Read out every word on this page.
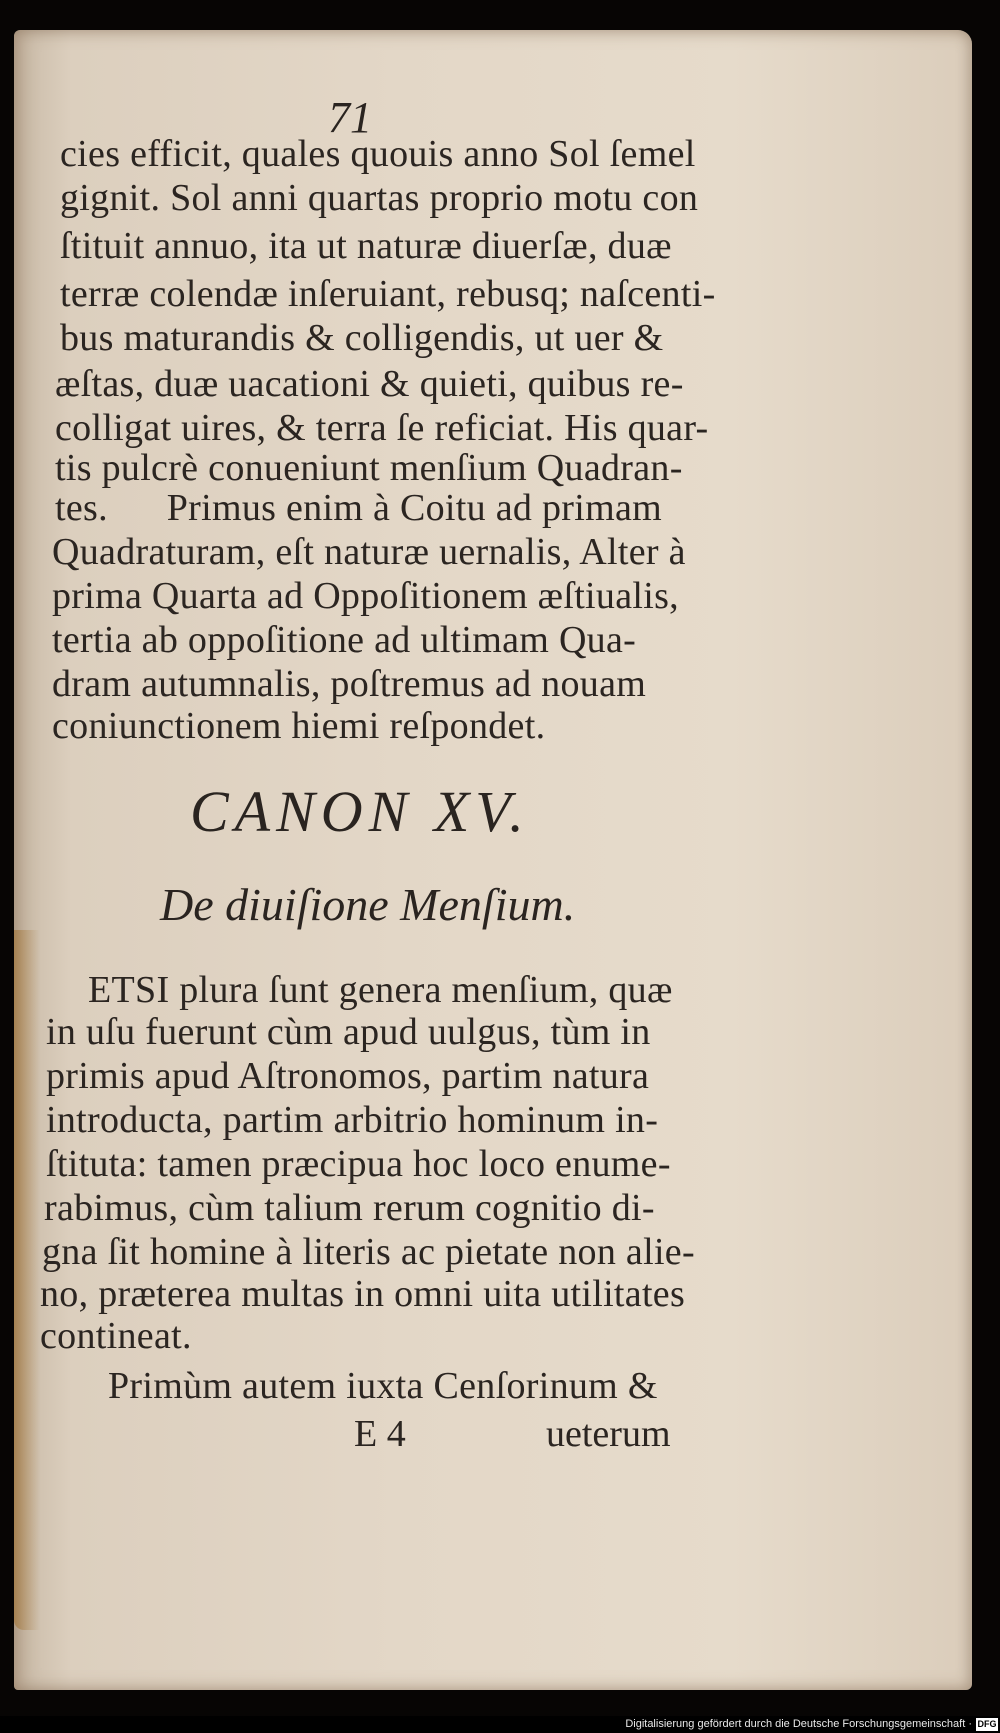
71
cies efficit, quales quouis anno Sol ſemel
gignit. Sol anni quartas proprio motu con
ſtituit annuo, ita ut naturæ diuerſæ, duæ
terræ colendæ inſeruiant, rebusq; naſcenti-
bus maturandis & colligendis, ut uer &
æſtas, duæ uacationi & quieti, quibus re-
colligat uires, & terra ſe reficiat. His quar-
tis pulcrè conueniunt menſium Quadran-
tes.      Primus enim à Coitu ad primam
Quadraturam, eſt naturæ uernalis, Alter à
prima Quarta ad Oppoſitionem æſtiualis,
tertia ab oppoſitione ad ultimam Qua-
dram autumnalis, poſtremus ad nouam
coniunctionem hiemi reſpondet.
CANON XV.
De diuiſione Menſium.
ETSI plura ſunt genera menſium, quæ
in uſu fuerunt cùm apud uulgus, tùm in
primis apud Aſtronomos, partim natura
introducta, partim arbitrio hominum in-
ſtituta: tamen præcipua hoc loco enume-
rabimus, cùm talium rerum cognitio di-
gna ſit homine à literis ac pietate non alie-
no, præterea multas in omni uita utilitates
contineat.
Primùm autem iuxta Cenſorinum &
E 4	ueterum
Digitalisierung gefördert durch die Deutsche Forschungsgemeinschaft · DFG
